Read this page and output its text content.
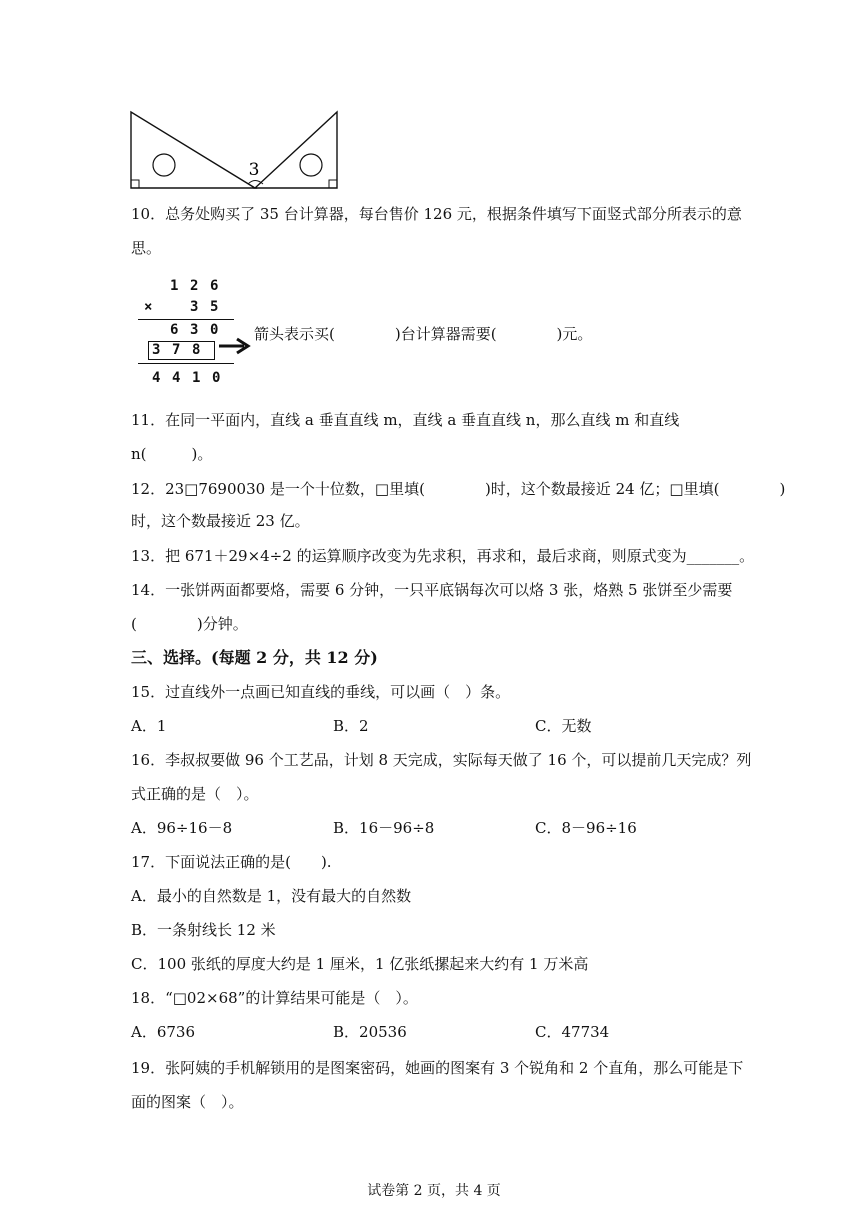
3
10．总务处购买了 35 台计算器，每台售价 126 元，根据条件填写下面竖式部分所表示的意
思。
1 2 6
×	3 5
6 3 0
3 7 8
4 4 1 0
箭头表示买(　　　　)台计算器需要(　　　　)元。
11．在同一平面内，直线 a 垂直直线 m，直线 a 垂直直线 n，那么直线 m 和直线
n(　　　)。
12．23□7690030 是一个十位数，□里填(　　　　)时，这个数最接近 24 亿；□里填(　　　　)
时，这个数最接近 23 亿。
13．把 671＋29×4÷2 的运算顺序改变为先求积，再求和，最后求商，则原式变为_______。
14．一张饼两面都要烙，需要 6 分钟，一只平底锅每次可以烙 3 张，烙熟 5 张饼至少需要
(　　　　)分钟。
三、选择。(每题 2 分，共 12 分)
15．过直线外一点画已知直线的垂线，可以画（　）条。
A．1	B．2	C．无数
16．李叔叔要做 96 个工艺品，计划 8 天完成，实际每天做了 16 个，可以提前几天完成？列
式正确的是（　）。
A．96÷16－8	B．16－96÷8	C．8－96÷16
17．下面说法正确的是(　　).
A．最小的自然数是 1，没有最大的自然数
B．一条射线长 12 米
C．100 张纸的厚度大约是 1 厘米，1 亿张纸摞起来大约有 1 万米高
18．“□02×68”的计算结果可能是（　）。
A．6736	B．20536	C．47734
19．张阿姨的手机解锁用的是图案密码，她画的图案有 3 个锐角和 2 个直角，那么可能是下
面的图案（　）。
试卷第 2 页，共 4 页
